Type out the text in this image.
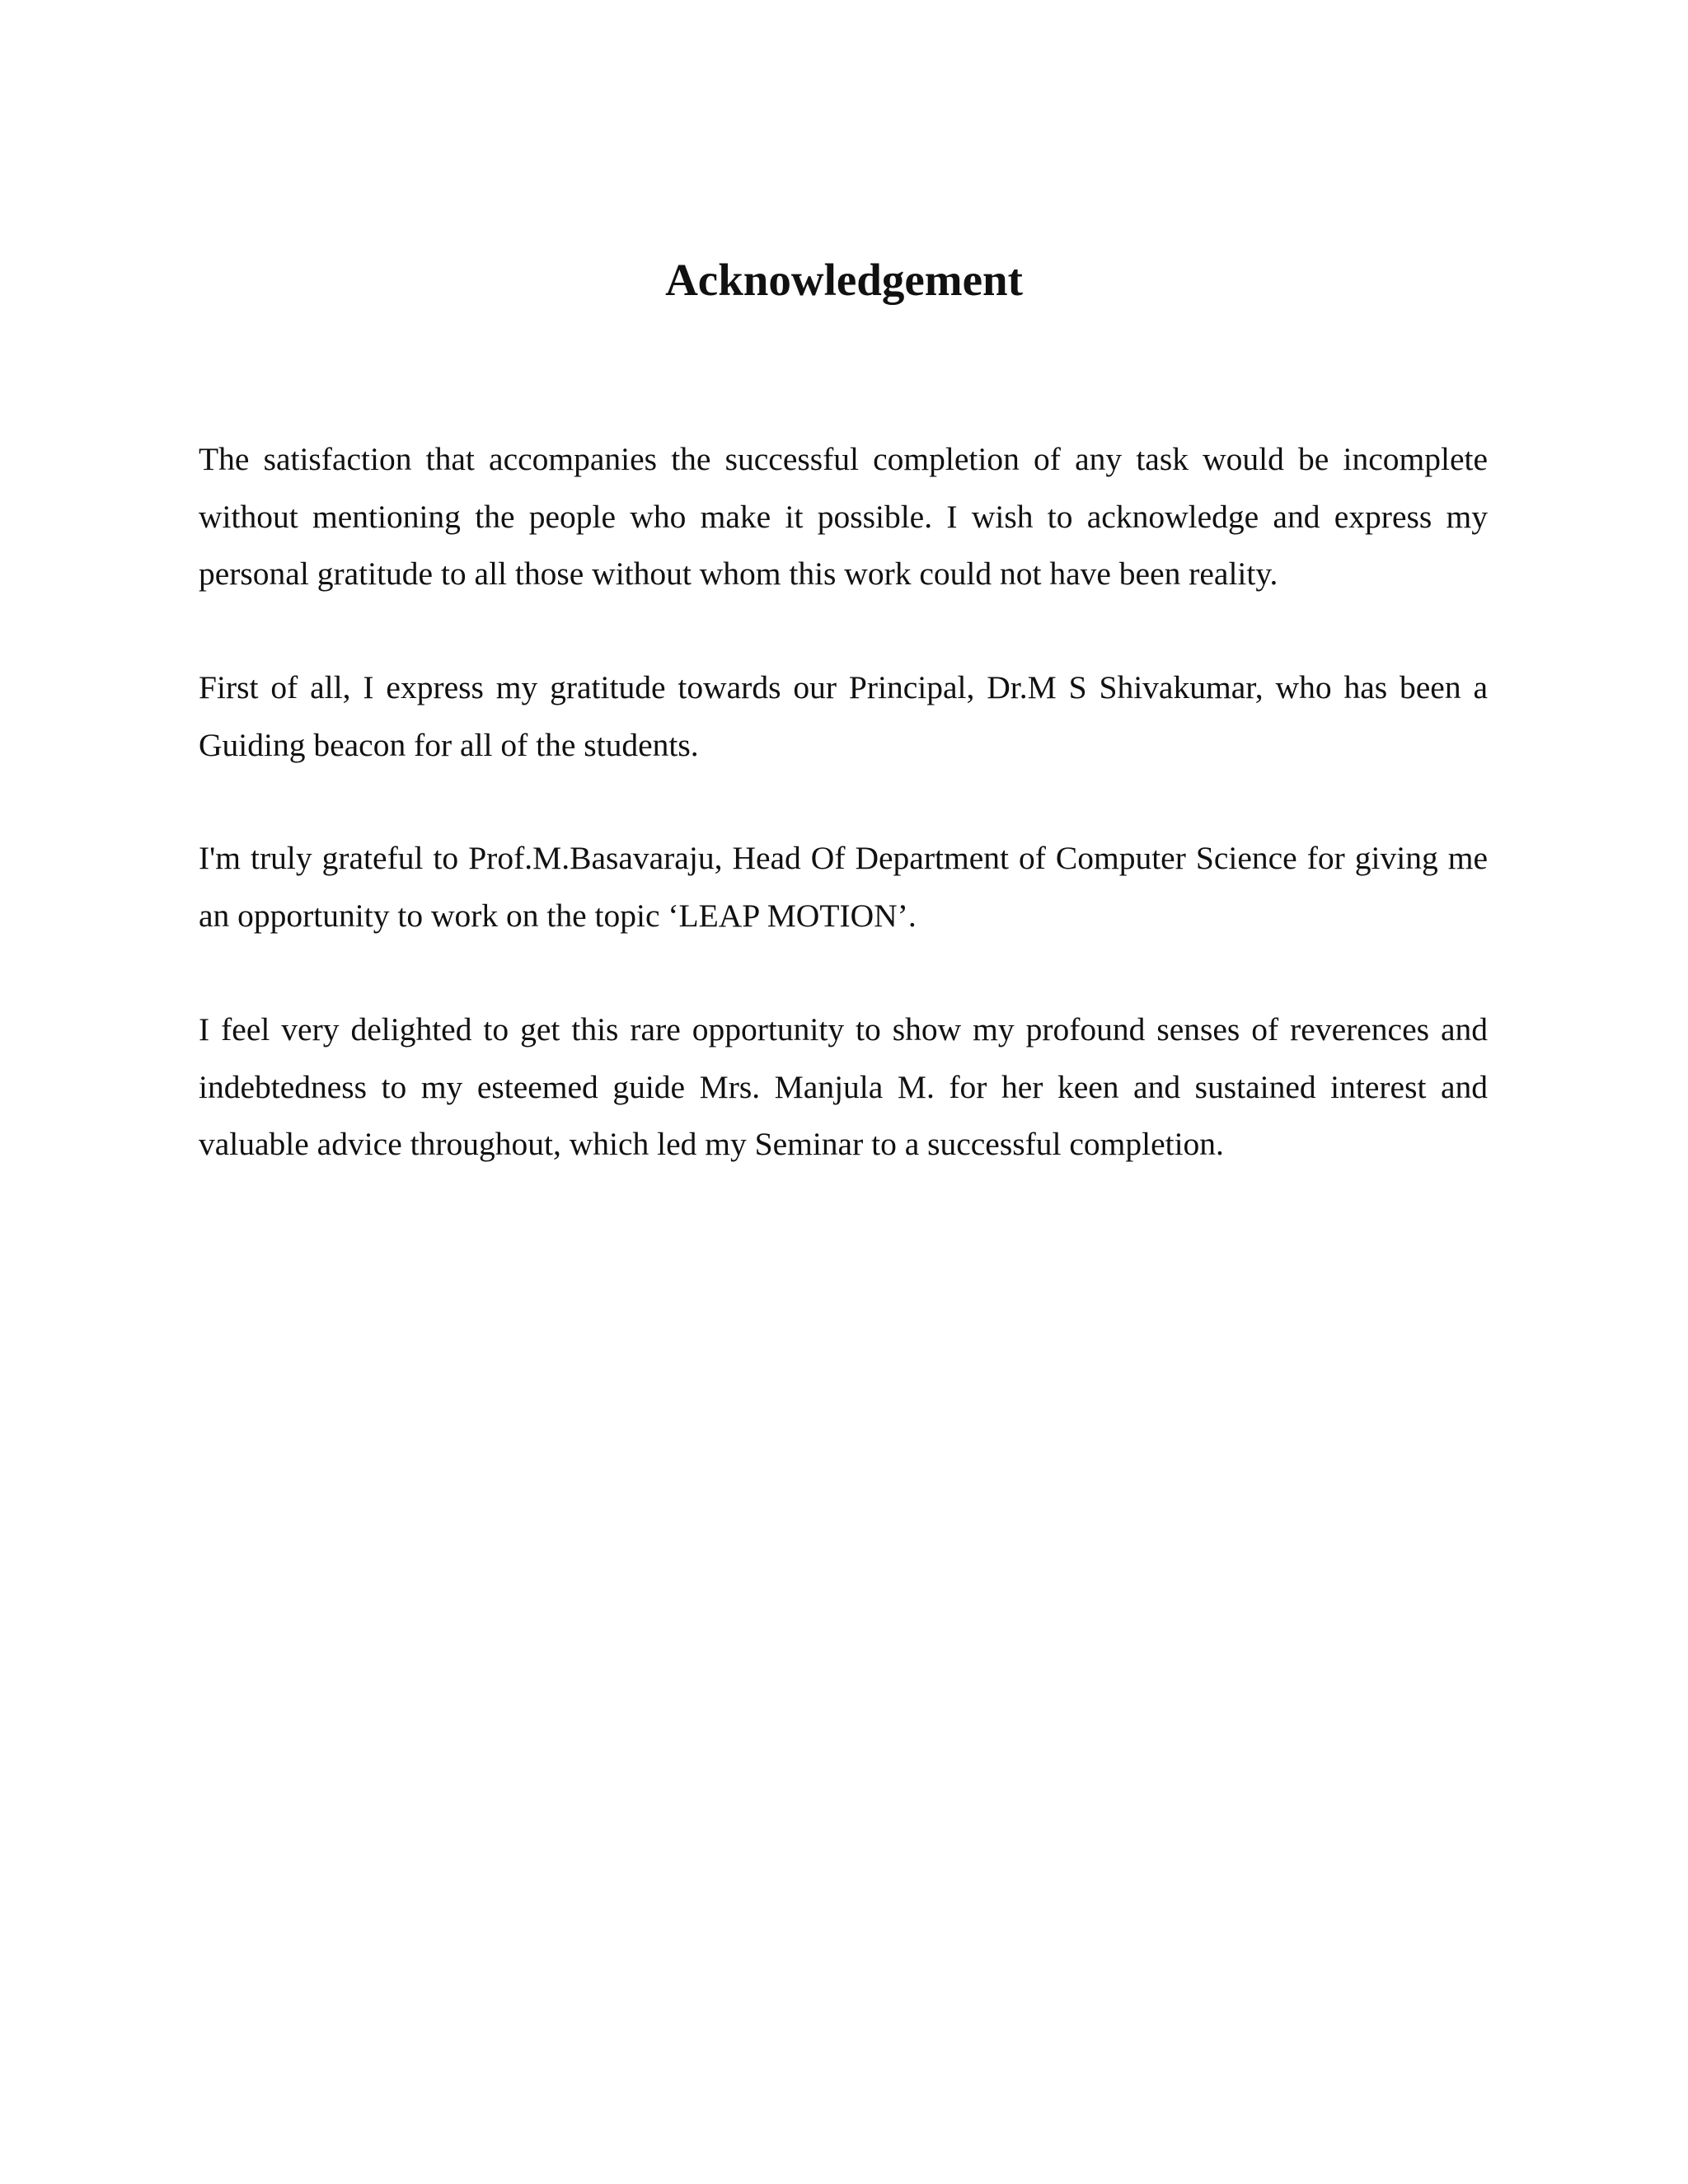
Acknowledgement

The satisfaction that accompanies the successful completion of any task would be incomplete without mentioning the people who make it possible. I wish to acknowledge and express my personal gratitude to all those without whom this work could not have been reality.

First of all, I express my gratitude towards our Principal, Dr.M S Shivakumar, who has been a Guiding beacon for all of the students.

I'm truly grateful to Prof.M.Basavaraju, Head Of Department of Computer Science for giving me an opportunity to work on the topic ‘LEAP MOTION’.

I feel very delighted to get this rare opportunity to show my profound senses of reverences and indebtedness to my esteemed guide Mrs. Manjula M. for her keen and sustained interest and valuable advice throughout, which led my Seminar to a successful completion.
